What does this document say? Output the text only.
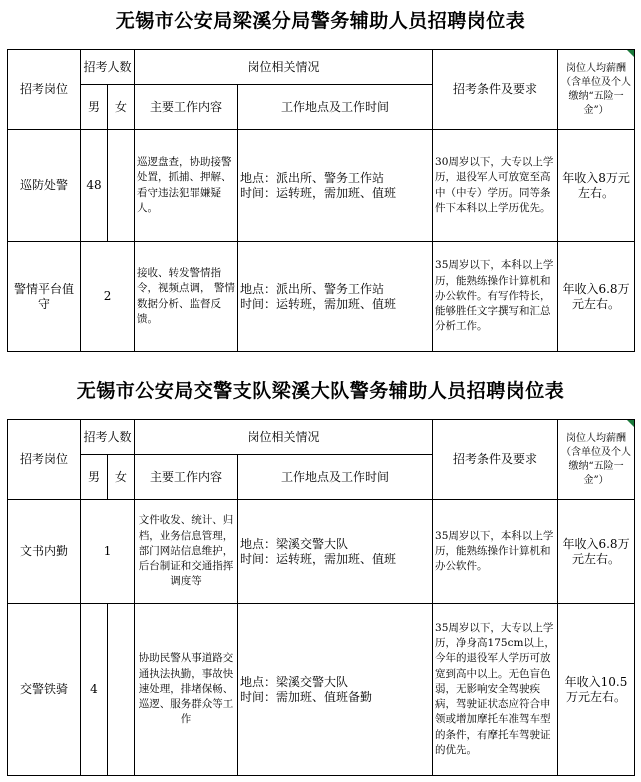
无锡市公安局梁溪分局警务辅助人员招聘岗位表
招考岗位	招考人数		岗位相关情况		招考条件及要求	岗位人均薪酬（含单位及个人缴纳“五险一金”）
	男	女	主要工作内容	工作地点及工作时间		
巡防处警	48		巡逻盘查，协助接警处置，抓捕、押解、看守违法犯罪嫌疑人。	地点：派出所、警务工作站
时间：运转班，需加班、值班	30周岁以下，大专以上学历，退役军人可放宽至高中（中专）学历。同等条件下本科以上学历优先。	年收入8万元左右。
警情平台值守	2		接收、转发警情指令，视频点调， 警情数据分析、监督反馈。	地点：派出所、警务工作站
时间：运转班，需加班、值班	35周岁以下，本科以上学历，能熟练操作计算机和办公软件。有写作特长，能够胜任文字撰写和汇总分析工作。	年收入6.8万元左右。
无锡市公安局交警支队梁溪大队警务辅助人员招聘岗位表
招考岗位	招考人数		岗位相关情况		招考条件及要求	岗位人均薪酬（含单位及个人缴纳“五险一金”）
	男	女	主要工作内容	工作地点及工作时间		
文书内勤	1		文件收发、统计、归档，业务信息管理，部门网站信息维护，后台制证和交通指挥调度等	地点：梁溪交警大队
时间：运转班，需加班、值班	35周岁以下，本科以上学历，能熟练操作计算机和办公软件。	年收入6.8万元左右。
交警铁骑	4		协助民警从事道路交通执法执勤，事故快速处理，排堵保畅、巡逻、服务群众等工作	地点：梁溪交警大队
时间：需加班、值班备勤	35周岁以下，大专以上学历，净身高175cm以上，今年的退役军人学历可放宽到高中以上。无色盲色弱，无影响安全驾驶疾病，驾驶证状态应符合申领或增加摩托车准驾车型的条件，有摩托车驾驶证的优先。	年收入10.5万元左右。
